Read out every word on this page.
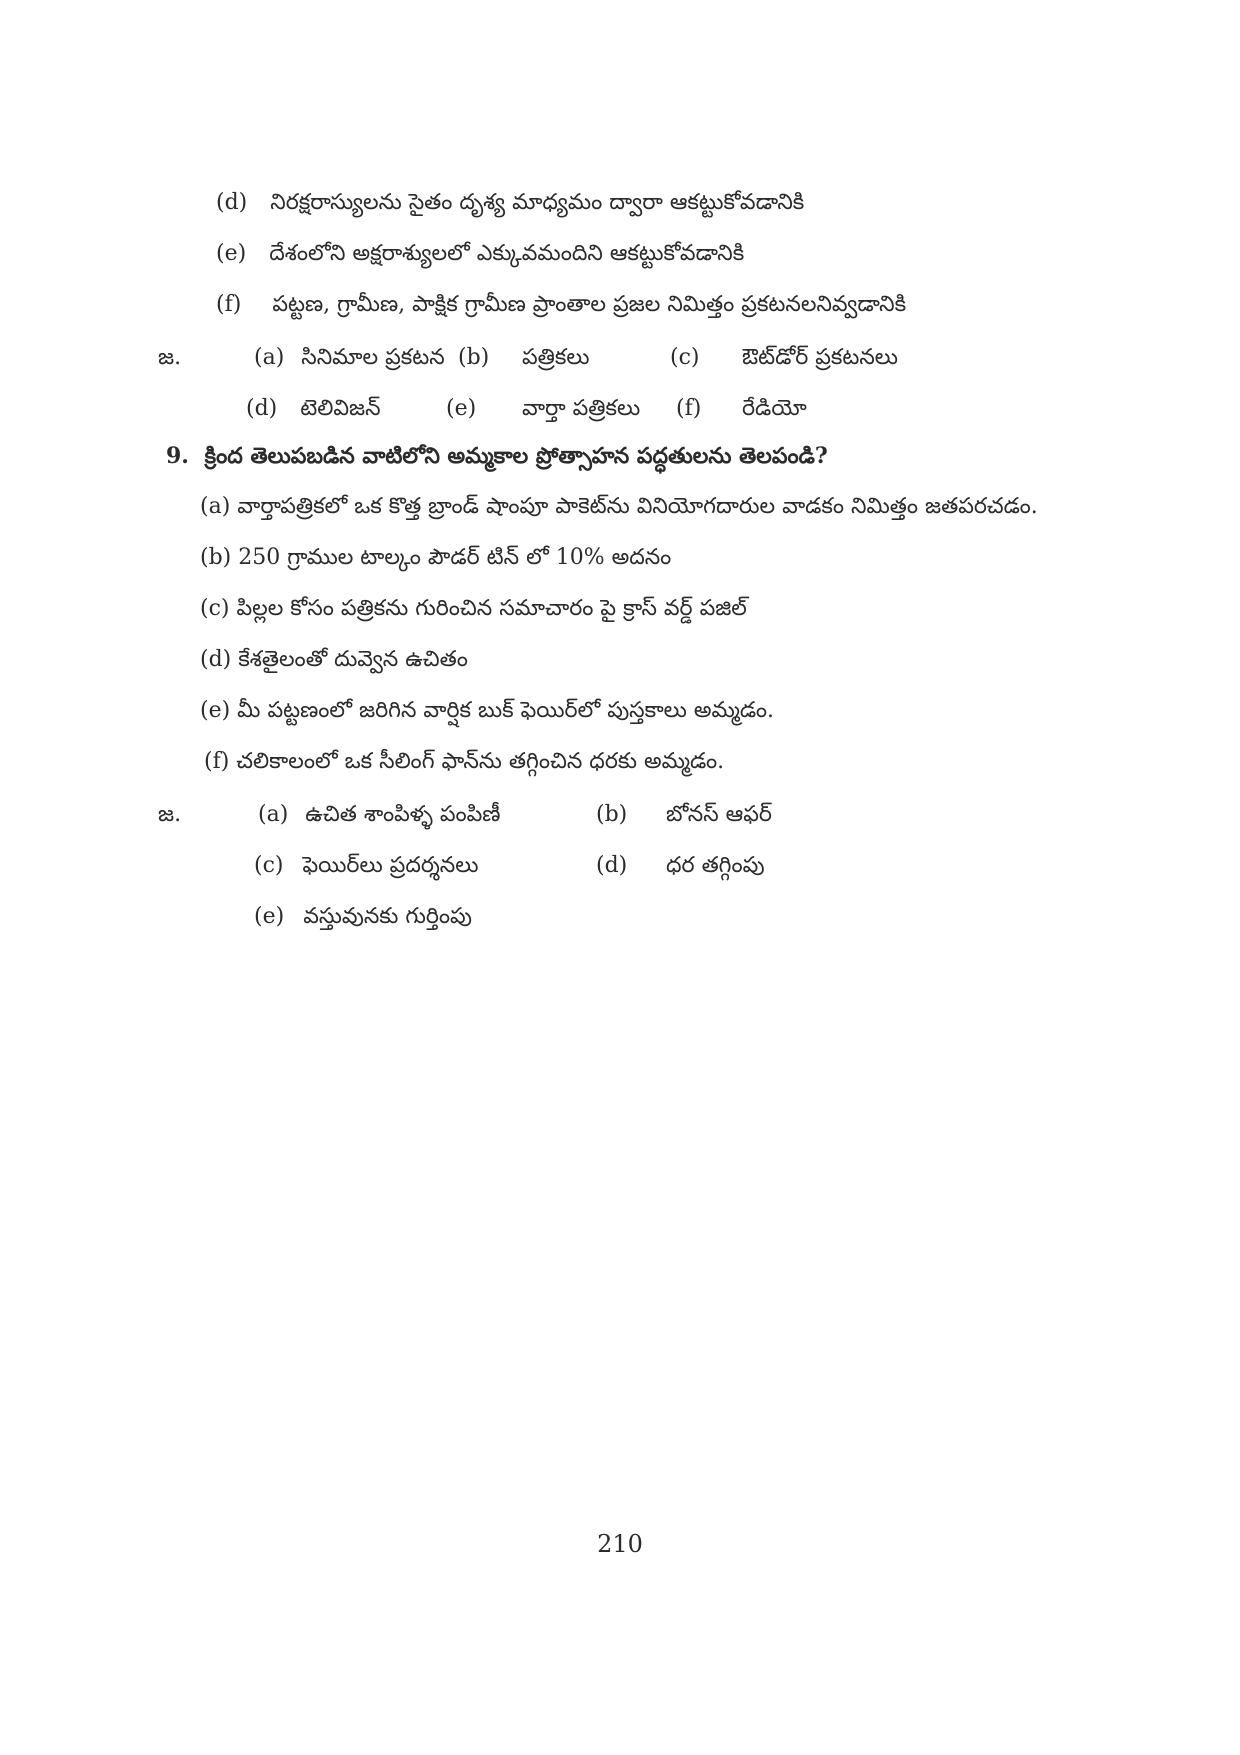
(d) నిరక్షరాస్యులను సైతం దృశ్య మాధ్యమం ద్వారా ఆకట్టుకోవడానికి
(e) దేశంలోని అక్షరాశ్యులలో ఎక్కువమందిని ఆకట్టుకోవడానికి
(f) పట్టణ, గ్రామీణ, పాక్షిక గ్రామీణ ప్రాంతాల ప్రజల నిమిత్తం ప్రకటనలనివ్వడానికి
జ.	(a) సినిమాల ప్రకటన (b) పత్రికలు	(c) ఔట్‌డోర్ ప్రకటనలు
(d) టెలివిజన్	(e) వార్తా పత్రికలు (f) రేడియో
9. క్రింద తెలుపబడిన వాటిలోని అమ్మకాల ప్రోత్సాహన పద్ధతులను తెలపండి?
(a) వార్తాపత్రికలో ఒక కొత్త బ్రాండ్ షాంపూ పాకెట్‌ను వినియోగదారుల వాడకం నిమిత్తం జతపరచడం.
(b) 250 గ్రాముల టాల్కం పౌడర్ టిన్ లో 10% అదనం
(c) పిల్లల కోసం పత్రికను గురించిన సమాచారం పై క్రాస్ వర్డ్ పజిల్
(d) కేశతైలంతో దువ్వెన ఉచితం
(e) మీ పట్టణంలో జరిగిన వార్షిక బుక్ ఫెయిర్‌లో పుస్తకాలు అమ్మడం.
(f) చలికాలంలో ఒక సీలింగ్ ఫాన్‌ను తగ్గించిన ధరకు అమ్మడం.
జ.	(a) ఉచిత శాంపిళ్ళ పంపిణీ	(b) బోనస్ ఆఫర్
(c) ఫెయిర్‌లు ప్రదర్శనలు	(d) ధర తగ్గింపు
(e) వస్తువునకు గుర్తింపు
210
